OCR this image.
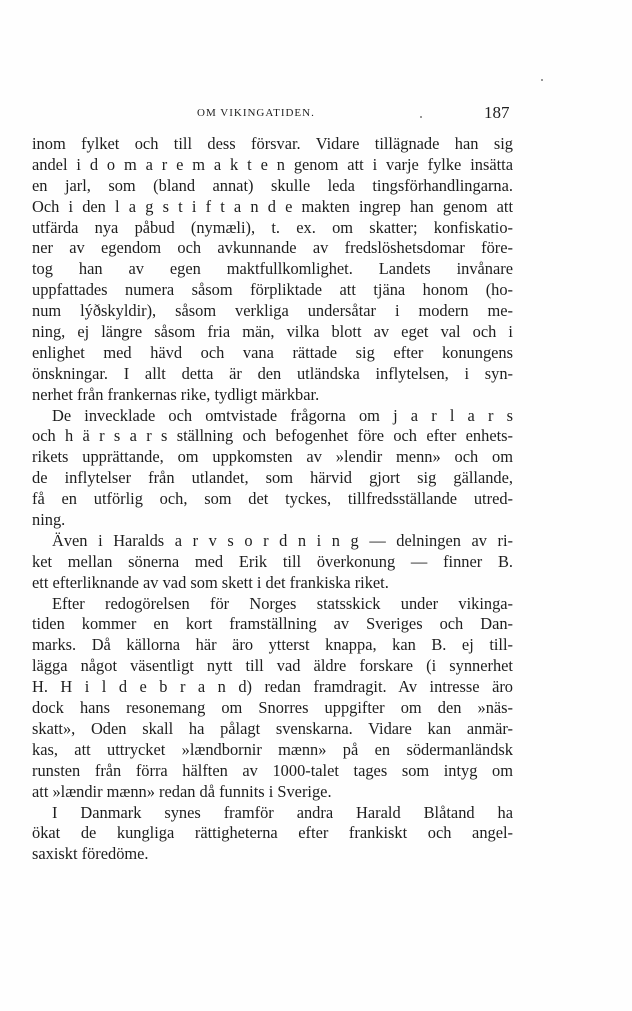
OM VIKINGATIDEN.	187
inom fylket och till dess försvar. Vidare tillägnade han sig
andel i d o m a r e m a k t e n genom att i varje fylke insätta
en jarl, som (bland annat) skulle leda tingsförhandlingarna.
Och i den l a g s t i f t a n d e makten ingrep han genom att
utfärda nya påbud (nymæli), t. ex. om skatter; konfiskatio-
ner av egendom och avkunnande av fredslöshetsdomar före-
tog han av egen maktfullkomlighet. Landets invånare
uppfattades numera såsom förpliktade att tjäna honom (ho-
num lýðskyldir), såsom verkliga undersåtar i modern me-
ning, ej längre såsom fria män, vilka blott av eget val och i
enlighet med hävd och vana rättade sig efter konungens
önskningar. I allt detta är den utländska inflytelsen, i syn-
nerhet från frankernas rike, tydligt märkbar.
De invecklade och omtvistade frågorna om j a r l a r s
och h ä r s a r s ställning och befogenhet före och efter enhets-
rikets upprättande, om uppkomsten av »lendir menn» och om
de inflytelser från utlandet, som härvid gjort sig gällande,
få en utförlig och, som det tyckes, tillfredsställande utred-
ning.
Även i Haralds a r v s o r d n i n g — delningen av ri-
ket mellan sönerna med Erik till överkonung — finner B.
ett efterliknande av vad som skett i det frankiska riket.
Efter redogörelsen för Norges statsskick under vikinga-
tiden kommer en kort framställning av Sveriges och Dan-
marks. Då källorna här äro ytterst knappa, kan B. ej till-
lägga något väsentligt nytt till vad äldre forskare (i synnerhet
H. H i l d e b r a n d) redan framdragit. Av intresse äro
dock hans resonemang om Snorres uppgifter om den »näs-
skatt», Oden skall ha pålagt svenskarna. Vidare kan anmär-
kas, att uttrycket »lændbornir mænn» på en södermanländsk
runsten från förra hälften av 1000-talet tages som intyg om
att »lændir mænn» redan då funnits i Sverige.
I Danmark synes framför andra Harald Blåtand ha
ökat de kungliga rättigheterna efter frankiskt och angel-
saxiskt föredöme.
